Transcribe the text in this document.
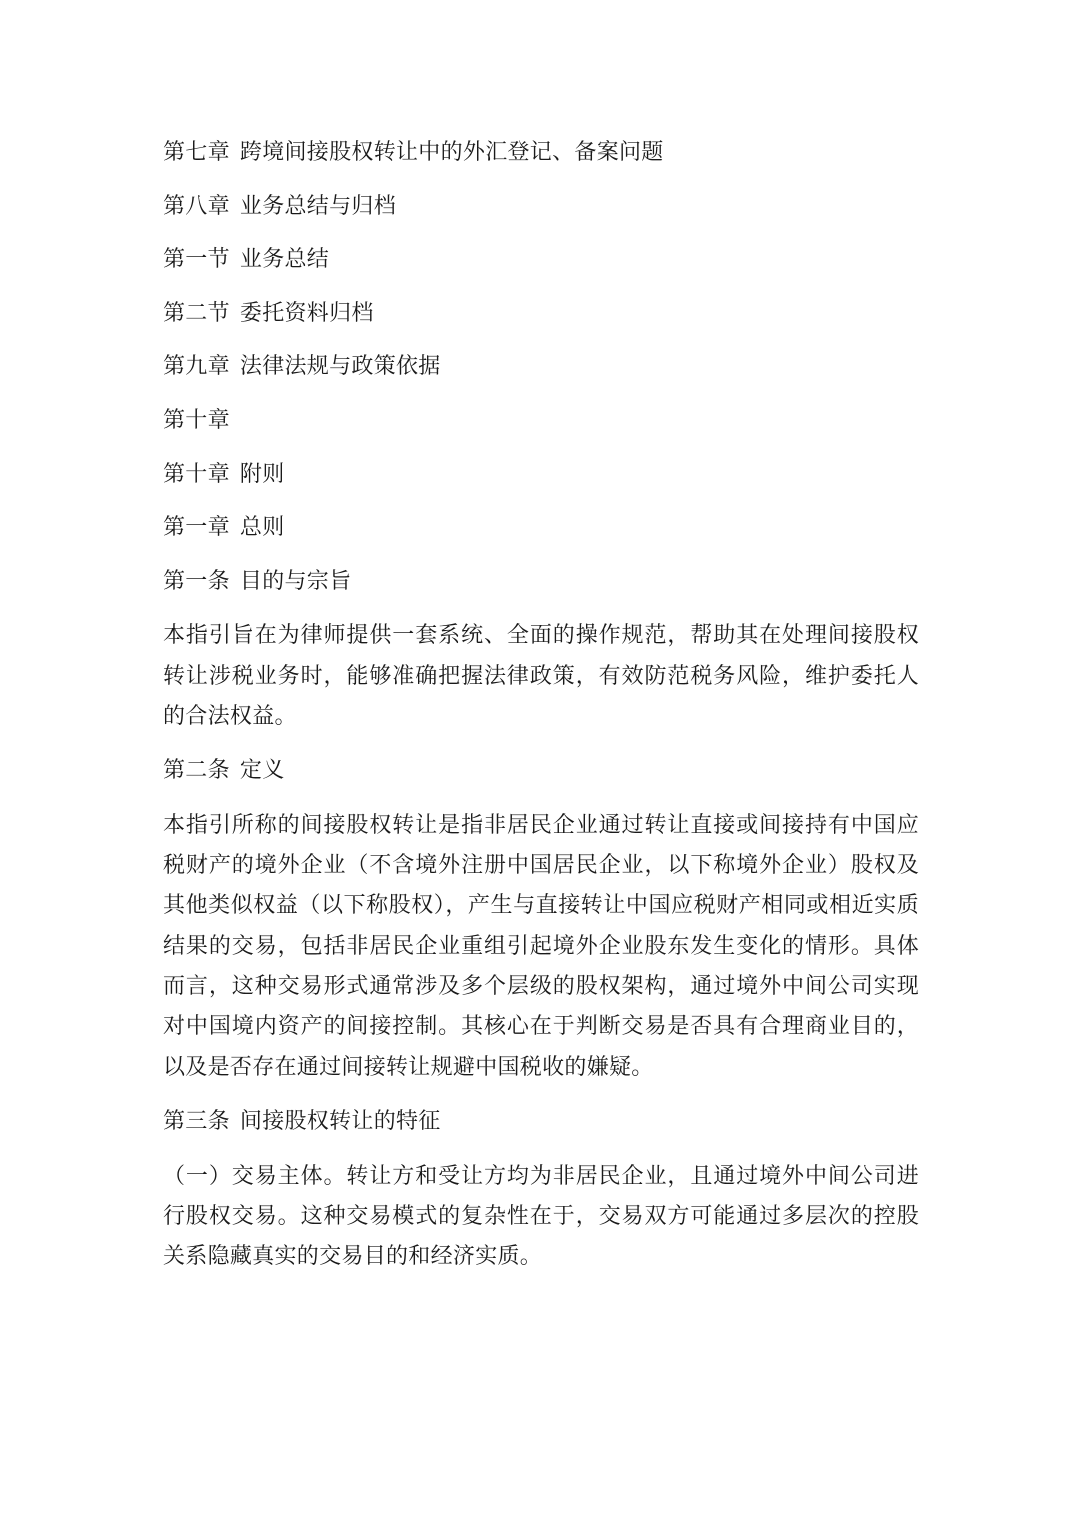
第七章 跨境间接股权转让中的外汇登记、备案问题

第八章 业务总结与归档

第一节 业务总结

第二节 委托资料归档

第九章 法律法规与政策依据

第十章

第十章 附则

第一章 总则

第一条 目的与宗旨

本指引旨在为律师提供一套系统、全面的操作规范，帮助其在处理间接股权转让涉税业务时，能够准确把握法律政策，有效防范税务风险，维护委托人的合法权益。

第二条 定义

本指引所称的间接股权转让是指非居民企业通过转让直接或间接持有中国应税财产的境外企业（不含境外注册中国居民企业，以下称境外企业）股权及其他类似权益（以下称股权），产生与直接转让中国应税财产相同或相近实质结果的交易，包括非居民企业重组引起境外企业股东发生变化的情形。具体而言，这种交易形式通常涉及多个层级的股权架构，通过境外中间公司实现对中国境内资产的间接控制。其核心在于判断交易是否具有合理商业目的，以及是否存在通过间接转让规避中国税收的嫌疑。

第三条 间接股权转让的特征

（一）交易主体。转让方和受让方均为非居民企业，且通过境外中间公司进行股权交易。这种交易模式的复杂性在于，交易双方可能通过多层次的控股关系隐藏真实的交易目的和经济实质。
